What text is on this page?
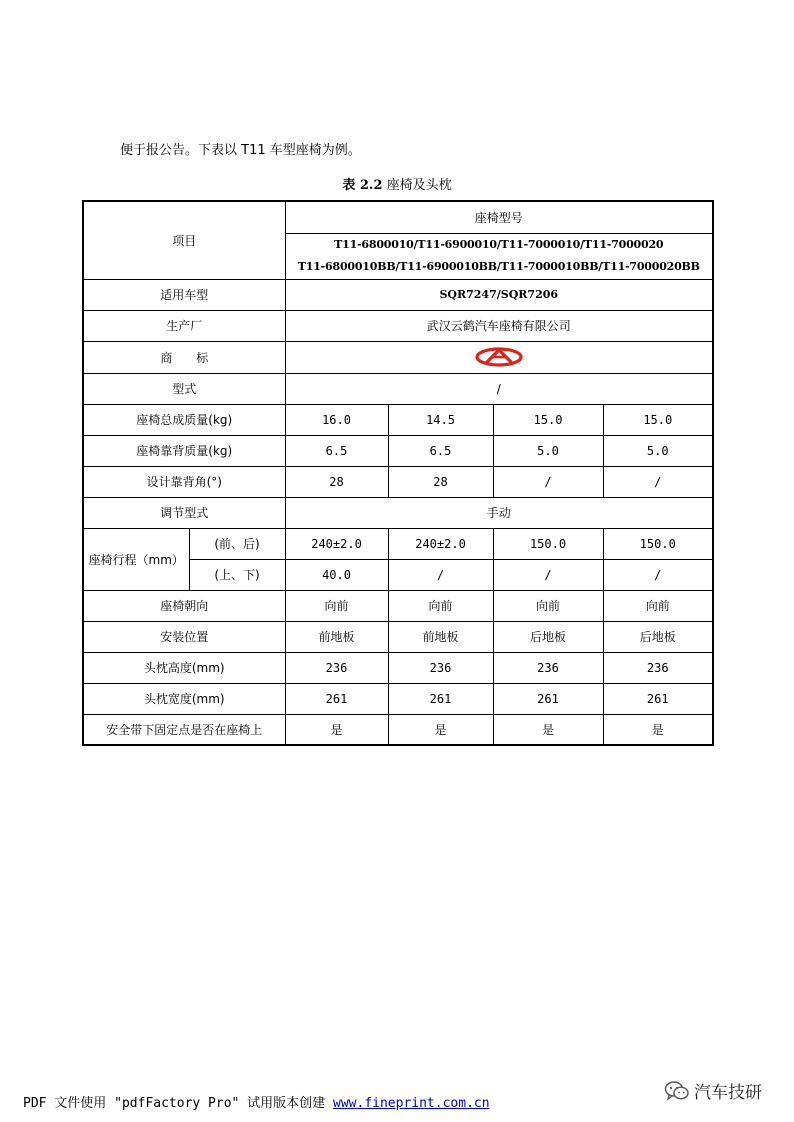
便于报公告。下表以 T11 车型座椅为例。
表 2.2 座椅及头枕
项目		座椅型号			

		T11-6800010/T11-6900010/T11-7000010/T11-7000020
T11-6800010BB/T11-6900010BB/T11-7000010BB/T11-7000020BB			

适用车型		SQR7247/SQR7206			
生产厂		武汉云鹤汽车座椅有限公司			
商　　标	

型式		/			
座椅总成质量(kg)		16.0	14.5	15.0	15.0
座椅靠背质量(kg)		6.5	6.5	5.0	5.0
设计靠背角(°)		28	28	/	/
调节型式		手动			
座椅行程（mm）	(前、后)	240±2.0	240±2.0	150.0	150.0
	(上、下)	40.0	/	/	/
座椅朝向		向前	向前	向前	向前
安装位置		前地板	前地板	后地板	后地板
头枕高度(mm)		236	236	236	236
头枕宽度(mm)		261	261	261	261
安全带下固定点是否在座椅上		是	是	是	是
PDF 文件使用 "pdfFactory Pro" 试用版本创建 www.fineprint.com.cn
汽车技研
